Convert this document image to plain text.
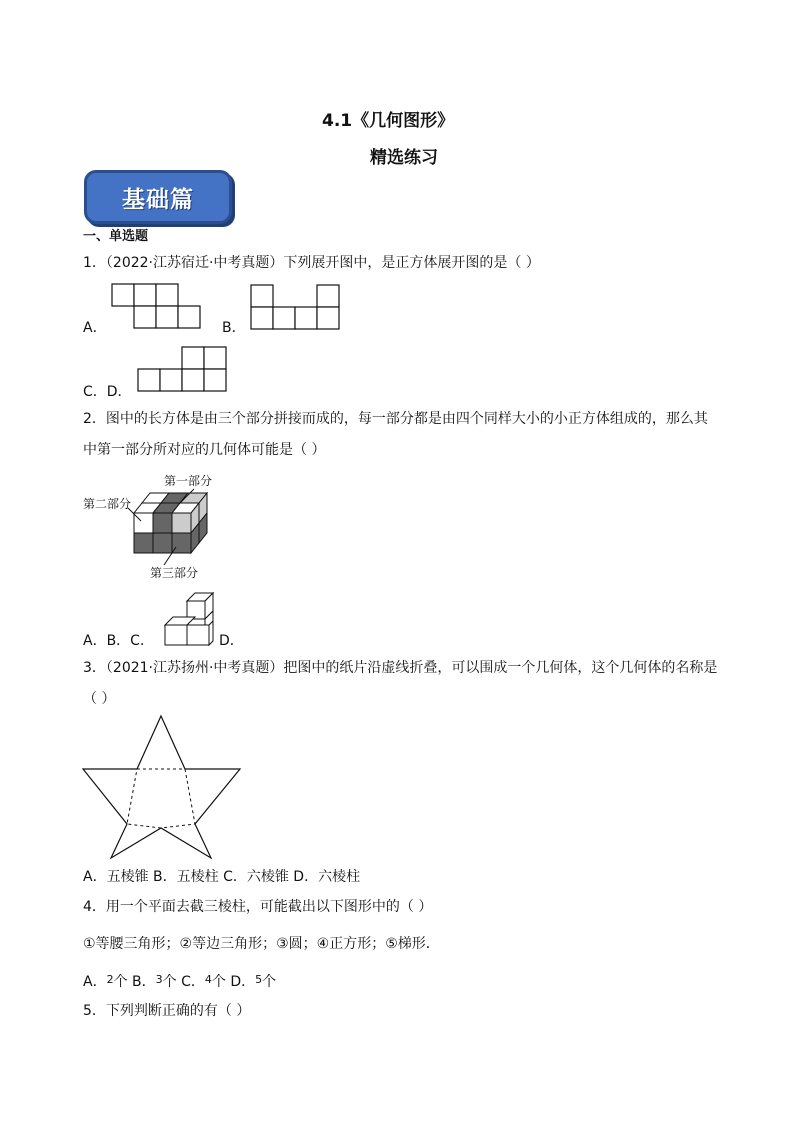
4.1《几何图形》
精选练习
基础篇
一、单选题
1．（2022·江苏宿迁·中考真题）下列展开图中，是正方体展开图的是（ ）
A．	B．
C．D．
2．图中的长方体是由三个部分拼接而成的，每一部分都是由四个同样大小的小正方体组成的，那么其
中第一部分所对应的几何体可能是（ ）
第一部分
第二部分
第三部分
A．B．C．	D．
3．（2021·江苏扬州·中考真题）把图中的纸片沿虚线折叠，可以围成一个几何体，这个几何体的名称是
（ ）
A．五棱锥 B．五棱柱 C．六棱锥 D．六棱柱
4．用一个平面去截三棱柱，可能截出以下图形中的（ ）
①等腰三角形；②等边三角形；③圆；④正方形；⑤梯形．
A．$^2$个 B．$^3$个 C．$^4$个 D．$^5$个
5．下列判断正确的有（ ）
